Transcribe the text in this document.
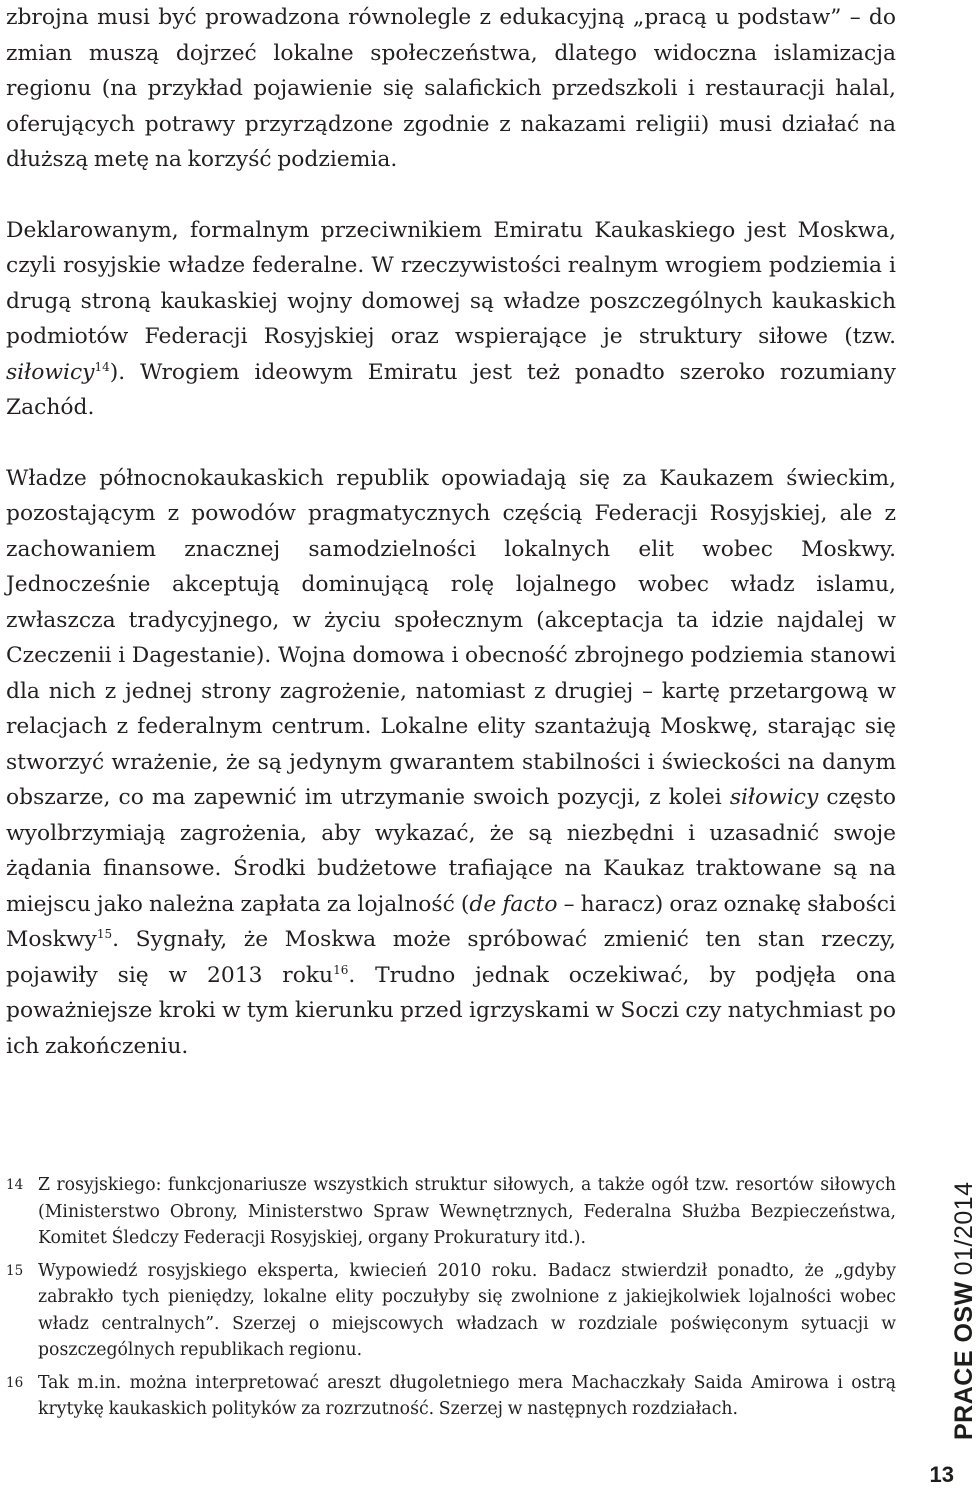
zbrojna musi być prowadzona równolegle z edukacyjną „pracą u podstaw” – do zmian muszą dojrzeć lokalne społeczeństwa, dlatego widoczna islamizacja regionu (na przykład pojawienie się salafickich przedszkoli i restauracji halal, oferujących potrawy przyrządzone zgodnie z nakazami religii) musi działać na dłuższą metę na korzyść podziemia.

Deklarowanym, formalnym przeciwnikiem Emiratu Kaukaskiego jest Moskwa, czyli rosyjskie władze federalne. W rzeczywistości realnym wrogiem podziemia i drugą stroną kaukaskiej wojny domowej są władze poszczególnych kaukaskich podmiotów Federacji Rosyjskiej oraz wspierające je struktury siłowe (tzw. siłowicy$^{14}$). Wrogiem ideowym Emiratu jest też ponadto szeroko rozumiany Zachód.

Władze północnokaukaskich republik opowiadają się za Kaukazem świeckim, pozostającym z powodów pragmatycznych częścią Federacji Rosyjskiej, ale z zachowaniem znacznej samodzielności lokalnych elit wobec Moskwy. Jednocześnie akceptują dominującą rolę lojalnego wobec władz islamu, zwłaszcza tradycyjnego, w życiu społecznym (akceptacja ta idzie najdalej w Czeczenii i Dagestanie). Wojna domowa i obecność zbrojnego podziemia stanowi dla nich z jednej strony zagrożenie, natomiast z drugiej – kartę przetargową w relacjach z federalnym centrum. Lokalne elity szantażują Moskwę, starając się stworzyć wrażenie, że są jedynym gwarantem stabilności i świeckości na danym obszarze, co ma zapewnić im utrzymanie swoich pozycji, z kolei siłowicy często wyolbrzymiają zagrożenia, aby wykazać, że są niezbędni i uzasadnić swoje żądania finansowe. Środki budżetowe trafiające na Kaukaz traktowane są na miejscu jako należna zapłata za lojalność (de facto – haracz) oraz oznakę słabości Moskwy$^{15}$. Sygnały, że Moskwa może spróbować zmienić ten stan rzeczy, pojawiły się w 2013 roku$^{16}$. Trudno jednak oczekiwać, by podjęła ona poważniejsze kroki w tym kierunku przed igrzyskami w Soczi czy natychmiast po ich zakończeniu.

14 Z rosyjskiego: funkcjonariusze wszystkich struktur siłowych, a także ogół tzw. resortów siłowych (Ministerstwo Obrony, Ministerstwo Spraw Wewnętrznych, Federalna Służba Bezpieczeństwa, Komitet Śledczy Federacji Rosyjskiej, organy Prokuratury itd.).
15 Wypowiedź rosyjskiego eksperta, kwiecień 2010 roku. Badacz stwierdził ponadto, że „gdyby zabrakło tych pieniędzy, lokalne elity poczułyby się zwolnione z jakiejkolwiek lojalności wobec władz centralnych”. Szerzej o miejscowych władzach w rozdziale poświęconym sytuacji w poszczególnych republikach regionu.
16 Tak m.in. można interpretować areszt długoletniego mera Machaczkały Saida Amirowa i ostrą krytykę kaukaskich polityków za rozrzutność. Szerzej w następnych rozdziałach.	PRACE OSW01/2014
13
